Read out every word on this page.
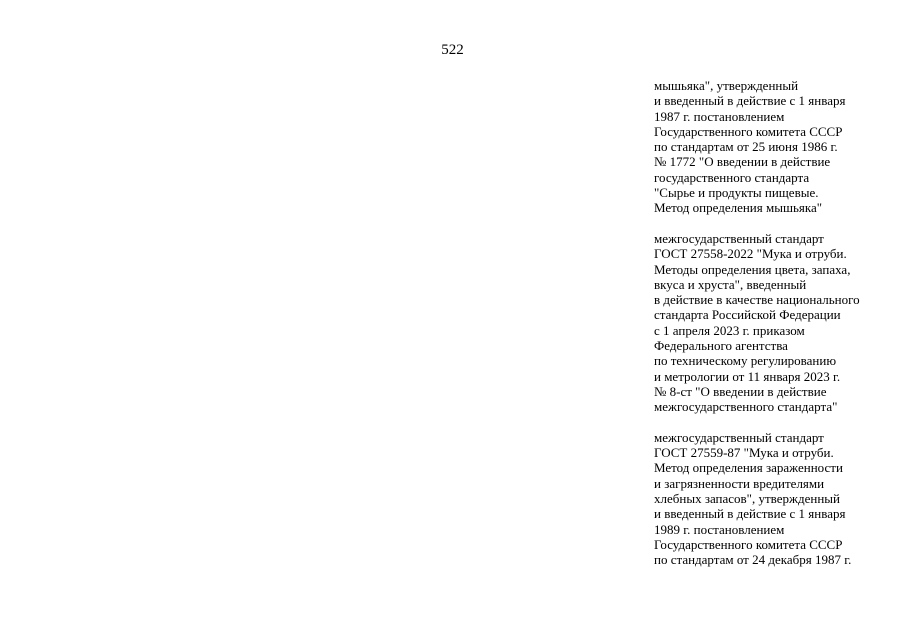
522
мышьяка", утвержденный
и введенный в действие с 1 января
1987 г. постановлением
Государственного комитета СССР
по стандартам от 25 июня 1986 г.
№ 1772 "О введении в действие
государственного стандарта
"Сырье и продукты пищевые.
Метод определения мышьяка"
межгосударственный стандарт
ГОСТ 27558-2022 "Мука и отруби.
Методы определения цвета, запаха,
вкуса и хруста", введенный
в действие в качестве национального
стандарта Российской Федерации
с 1 апреля 2023 г. приказом
Федерального агентства
по техническому регулированию
и метрологии от 11 января 2023 г.
№ 8-ст "О введении в действие
межгосударственного стандарта"
межгосударственный стандарт
ГОСТ 27559-87 "Мука и отруби.
Метод определения зараженности
и загрязненности вредителями
хлебных запасов", утвержденный
и введенный в действие с 1 января
1989 г. постановлением
Государственного комитета СССР
по стандартам от 24 декабря 1987 г.
